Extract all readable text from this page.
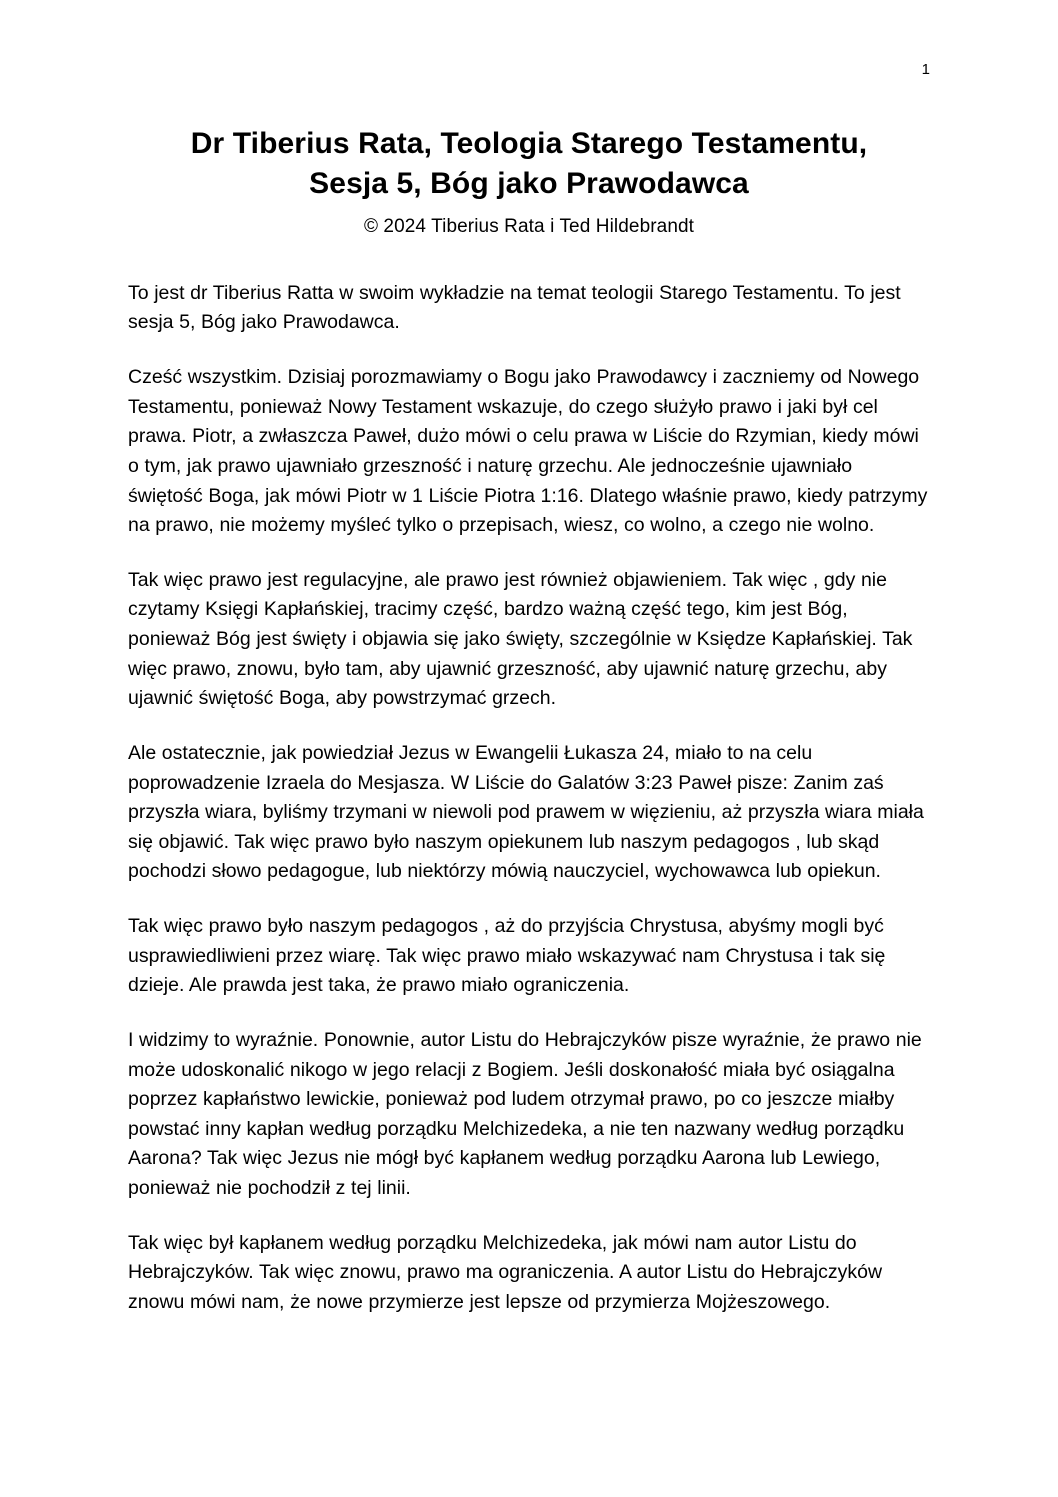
1
Dr Tiberius Rata, Teologia Starego Testamentu,
Sesja 5, Bóg jako Prawodawca
© 2024 Tiberius Rata i Ted Hildebrandt

To jest dr Tiberius Ratta w swoim wykładzie na temat teologii Starego Testamentu. To jest sesja 5, Bóg jako Prawodawca.

Cześć wszystkim. Dzisiaj porozmawiamy o Bogu jako Prawodawcy i zaczniemy od Nowego Testamentu, ponieważ Nowy Testament wskazuje, do czego służyło prawo i jaki był cel prawa. Piotr, a zwłaszcza Paweł, dużo mówi o celu prawa w Liście do Rzymian, kiedy mówi o tym, jak prawo ujawniało grzeszność i naturę grzechu. Ale jednocześnie ujawniało świętość Boga, jak mówi Piotr w 1 Liście Piotra 1:16. Dlatego właśnie prawo, kiedy patrzymy na prawo, nie możemy myśleć tylko o przepisach, wiesz, co wolno, a czego nie wolno.

Tak więc prawo jest regulacyjne, ale prawo jest również objawieniem. Tak więc , gdy nie czytamy Księgi Kapłańskiej, tracimy część, bardzo ważną część tego, kim jest Bóg, ponieważ Bóg jest święty i objawia się jako święty, szczególnie w Księdze Kapłańskiej. Tak więc prawo, znowu, było tam, aby ujawnić grzeszność, aby ujawnić naturę grzechu, aby ujawnić świętość Boga, aby powstrzymać grzech.

Ale ostatecznie, jak powiedział Jezus w Ewangelii Łukasza 24, miało to na celu poprowadzenie Izraela do Mesjasza. W Liście do Galatów 3:23 Paweł pisze: Zanim zaś przyszła wiara, byliśmy trzymani w niewoli pod prawem w więzieniu, aż przyszła wiara miała się objawić. Tak więc prawo było naszym opiekunem lub naszym pedagogos , lub skąd pochodzi słowo pedagogue, lub niektórzy mówią nauczyciel, wychowawca lub opiekun.

Tak więc prawo było naszym pedagogos , aż do przyjścia Chrystusa, abyśmy mogli być usprawiedliwieni przez wiarę. Tak więc prawo miało wskazywać nam Chrystusa i tak się dzieje. Ale prawda jest taka, że prawo miało ograniczenia.

I widzimy to wyraźnie. Ponownie, autor Listu do Hebrajczyków pisze wyraźnie, że prawo nie może udoskonalić nikogo w jego relacji z Bogiem. Jeśli doskonałość miała być osiągalna poprzez kapłaństwo lewickie, ponieważ pod ludem otrzymał prawo, po co jeszcze miałby powstać inny kapłan według porządku Melchizedeka, a nie ten nazwany według porządku Aarona? Tak więc Jezus nie mógł być kapłanem według porządku Aarona lub Lewiego, ponieważ nie pochodził z tej linii.

Tak więc był kapłanem według porządku Melchizedeka, jak mówi nam autor Listu do Hebrajczyków. Tak więc znowu, prawo ma ograniczenia. A autor Listu do Hebrajczyków znowu mówi nam, że nowe przymierze jest lepsze od przymierza Mojżeszowego.
